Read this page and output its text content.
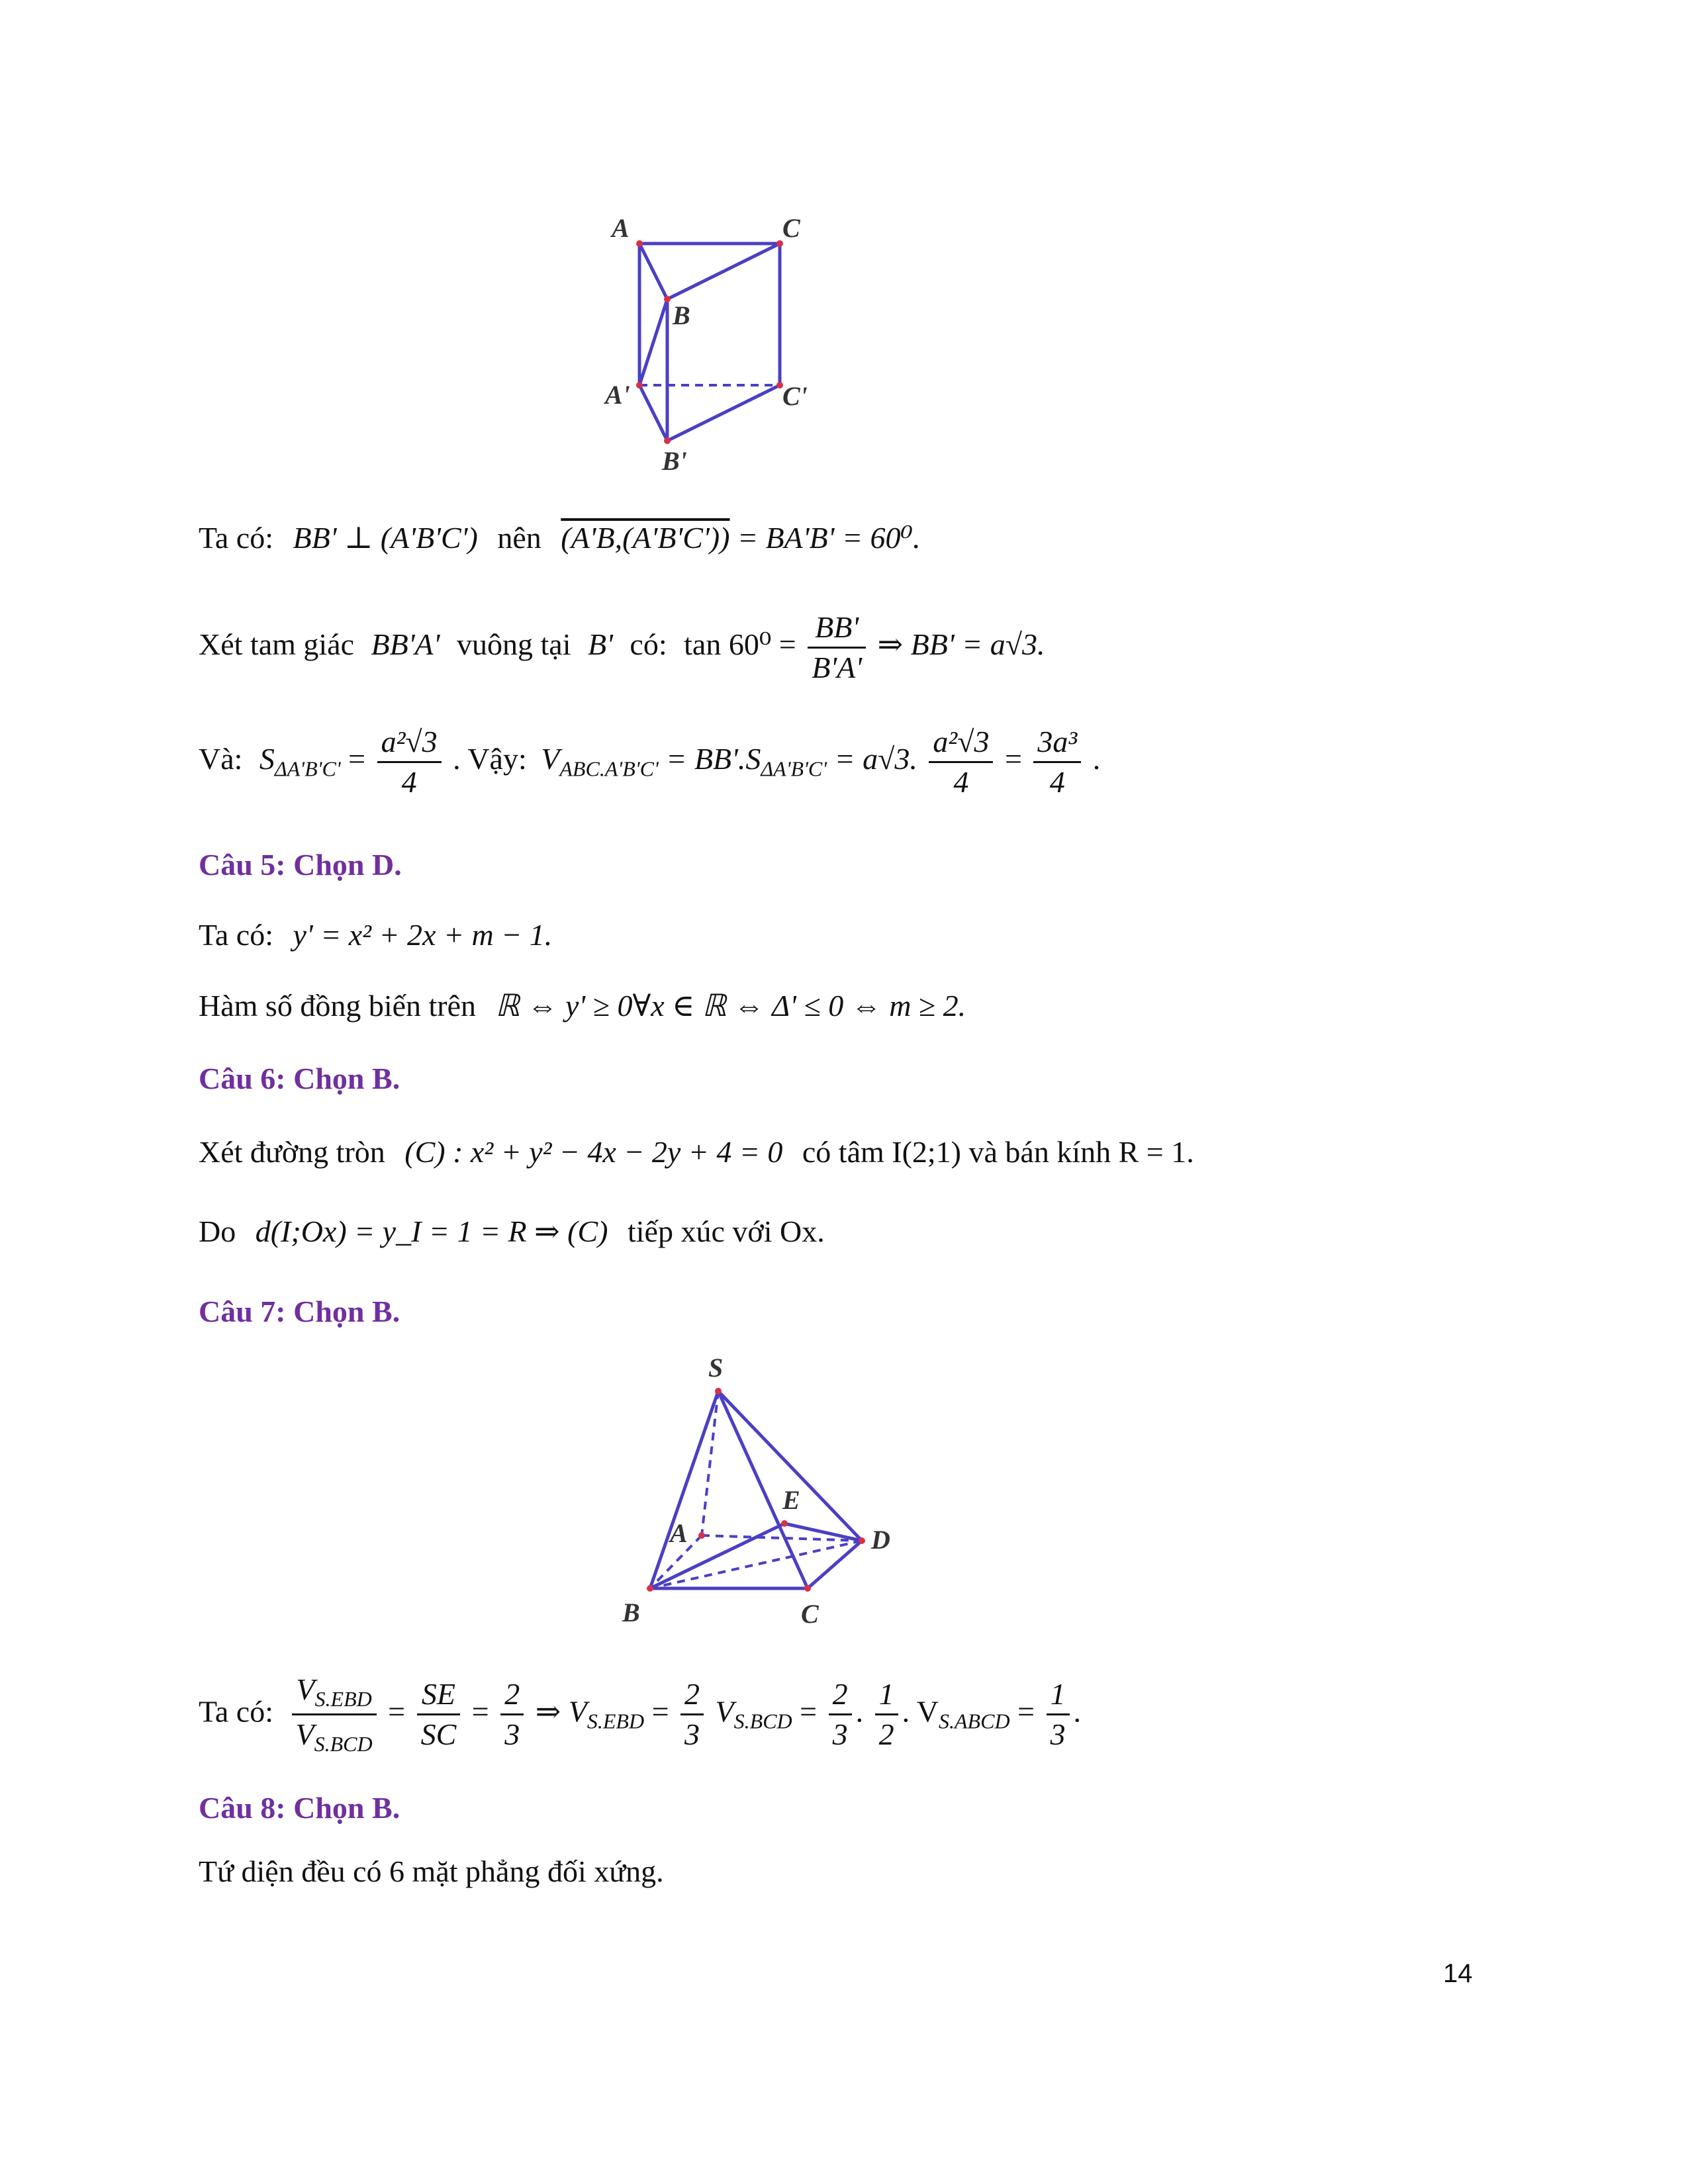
A	C
B
A'	C'
B'
Ta có: BB' ⊥ (A'B'C') nên (A'B,(A'B'C')) = BA'B' = 60⁰.
Xét tam giác BB'A' vuông tại B' có: $\tan 60^0 = \frac{BB'}{B'A'}$ ⇒ BB' = a√3.
Và: $S_{\Delta A'B'C'} = \frac{\text{a²√3}}{4}$ . Vậy: $V_{ABC.A'B'C'} = BB'.S_{\Delta A'B'C'} = a√3$. $\frac{\text{a²√3}}{4} = \frac{\text{3a³}}{4}$ .
Câu 5: Chọn D.
Ta có: y' = x² + 2x + m − 1.
Hàm số đồng biến trên ℝ ⇔ y' ≥ 0∀x ∈ ℝ ⇔ Δ' ≤ 0 ⇔ m ≥ 2.
Câu 6: Chọn B.
Xét đường tròn (C) : x² + y² − 4x − 2y + 4 = 0 có tâm I(2;1) và bán kính R = 1.
Do d(I;Ox) = y_I = 1 = R ⇒ (C) tiếp xúc với Ox.
Câu 7: Chọn B.
S
E
A	D
B	C
Ta có: $\frac{V_{S.EBD}}{V_{S.BCD}} = \frac{SE}{SC} = \frac{2}{3}$ ⇒ $V_{S.EBD} = \frac{2}{3} V_{S.BCD} = \frac{2}{3}$ . $\frac{1}{2}$ . $V_{S.ABCD} = \frac{1}{3}$ .
Câu 8: Chọn B.
Tứ diện đều có 6 mặt phẳng đối xứng.
14
